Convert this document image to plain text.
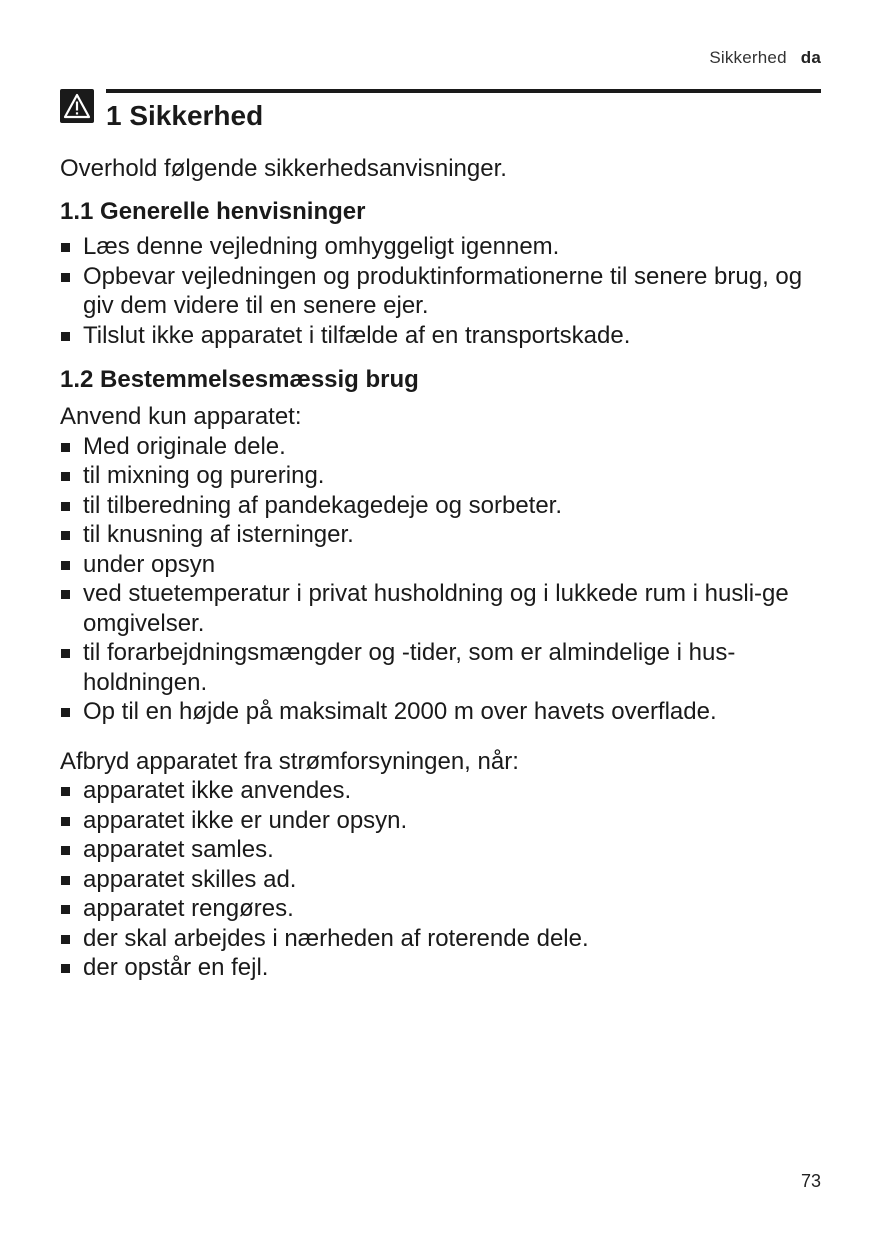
Sikkerhed da
1 Sikkerhed

Overhold følgende sikkerhedsanvisninger.

1.1 Generelle henvisninger
Læs denne vejledning omhyggeligt igennem.
Opbevar vejledningen og produktinformationerne til senere brug, og giv dem videre til en senere ejer.
Tilslut ikke apparatet i tilfælde af en transportskade.
1.2 Bestemmelsesmæssig brug

Anvend kun apparatet:

Med originale dele.
til mixning og purering.
til tilberedning af pandekagedeje og sorbeter.
til knusning af isterninger.
under opsyn
ved stuetemperatur i privat husholdning og i lukkede rum i husli-ge omgivelser.
til forarbejdningsmængder og -tider, som er almindelige i hus-holdningen.
Op til en højde på maksimalt 2000 m over havets overflade.

Afbryd apparatet fra strømforsyningen, når:

apparatet ikke anvendes.
apparatet ikke er under opsyn.
apparatet samles.
apparatet skilles ad.
apparatet rengøres.
der skal arbejdes i nærheden af roterende dele.
der opstår en fejl.
73
